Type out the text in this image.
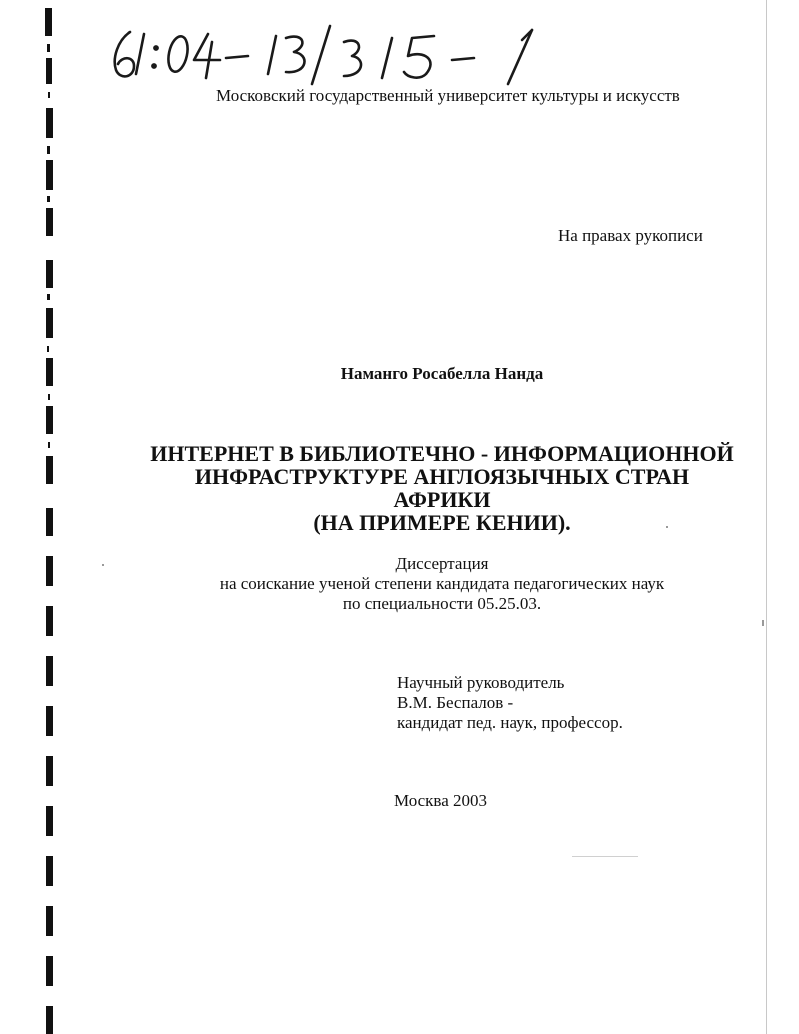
Московский государственный университет культуры и искусств
На правах рукописи
Наманго Росабелла Нанда
ИНТЕРНЕТ В БИБЛИОТЕЧНО - ИНФОРМАЦИОННОЙ
ИНФРАСТРУКТУРЕ АНГЛОЯЗЫЧНЫХ СТРАН
АФРИКИ
(НА ПРИМЕРЕ КЕНИИ).
Диссертация
на соискание ученой степени кандидата педагогических наук
по специальности 05.25.03.
Научный руководитель
В.М. Беспалов -
кандидат пед. наук, профессор.
Москва 2003
